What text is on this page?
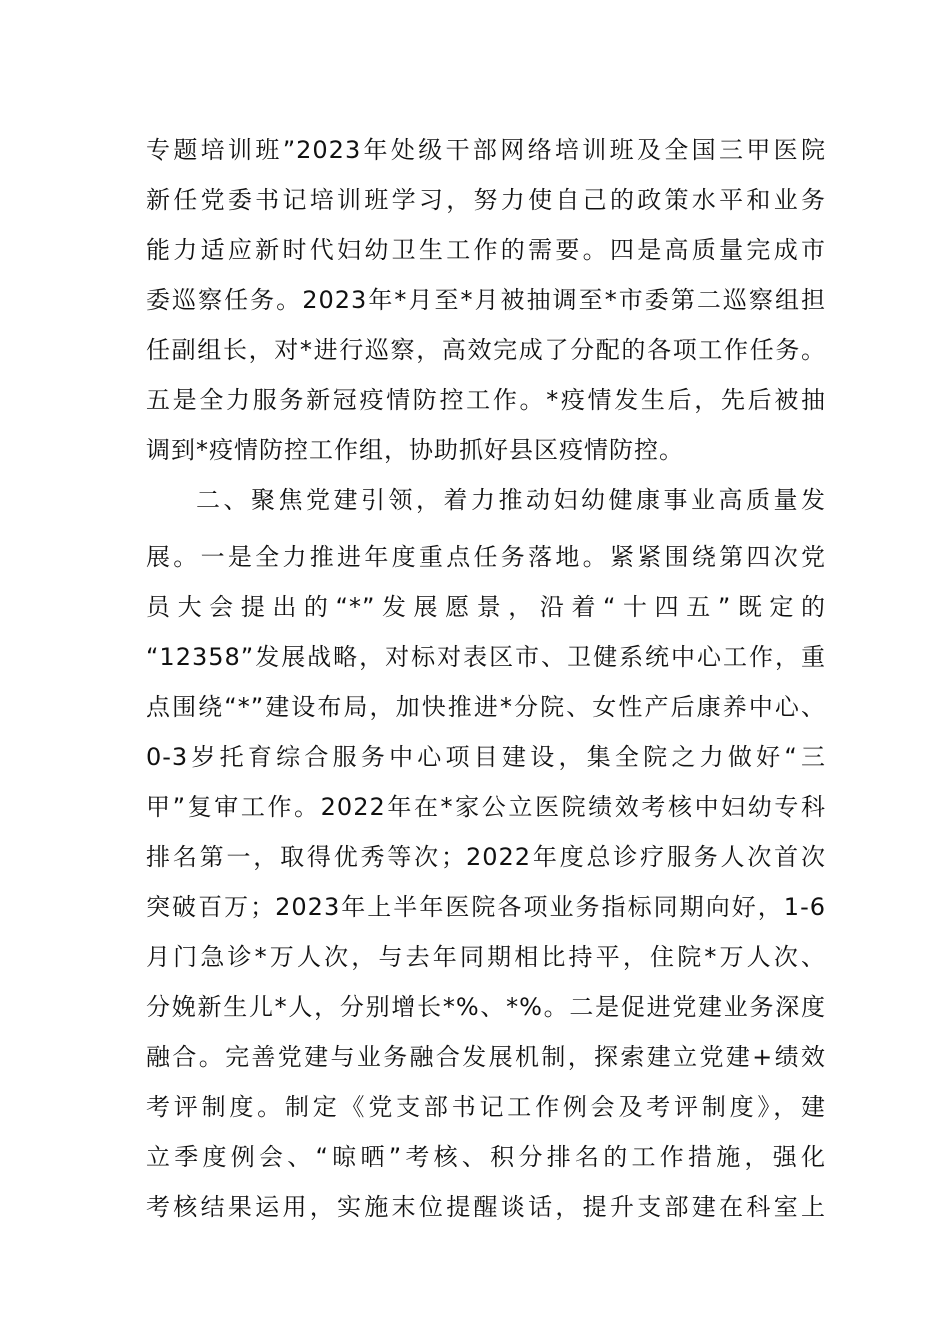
专题培训班”2023年处级干部网络培训班及全国三甲医院
新任党委书记培训班学习，努力使自己的政策水平和业务
能力适应新时代妇幼卫生工作的需要。四是高质量完成市
委巡察任务。2023年*月至*月被抽调至*市委第二巡察组担
任副组长，对*进行巡察，高效完成了分配的各项工作任务。
五是全力服务新冠疫情防控工作。*疫情发生后，先后被抽
调到*疫情防控工作组，协助抓好县区疫情防控。
二、聚焦党建引领，着力推动妇幼健康事业高质量发
展。一是全力推进年度重点任务落地。紧紧围绕第四次党
员大会提出的“*”发展愿景，沿着“十四五”既定的
“12358”发展战略，对标对表区市、卫健系统中心工作，重
点围绕“*”建设布局，加快推进*分院、女性产后康养中心、
0-3岁托育综合服务中心项目建设，集全院之力做好“三
甲”复审工作。2022年在*家公立医院绩效考核中妇幼专科
排名第一，取得优秀等次；2022年度总诊疗服务人次首次
突破百万；2023年上半年医院各项业务指标同期向好，1-6
月门急诊*万人次，与去年同期相比持平，住院*万人次、
分娩新生儿*人，分别增长*%、*%。二是促进党建业务深度
融合。完善党建与业务融合发展机制，探索建立党建+绩效
考评制度。制定《党支部书记工作例会及考评制度》，建
立季度例会、“晾晒”考核、积分排名的工作措施，强化
考核结果运用，实施末位提醒谈话，提升支部建在科室上
